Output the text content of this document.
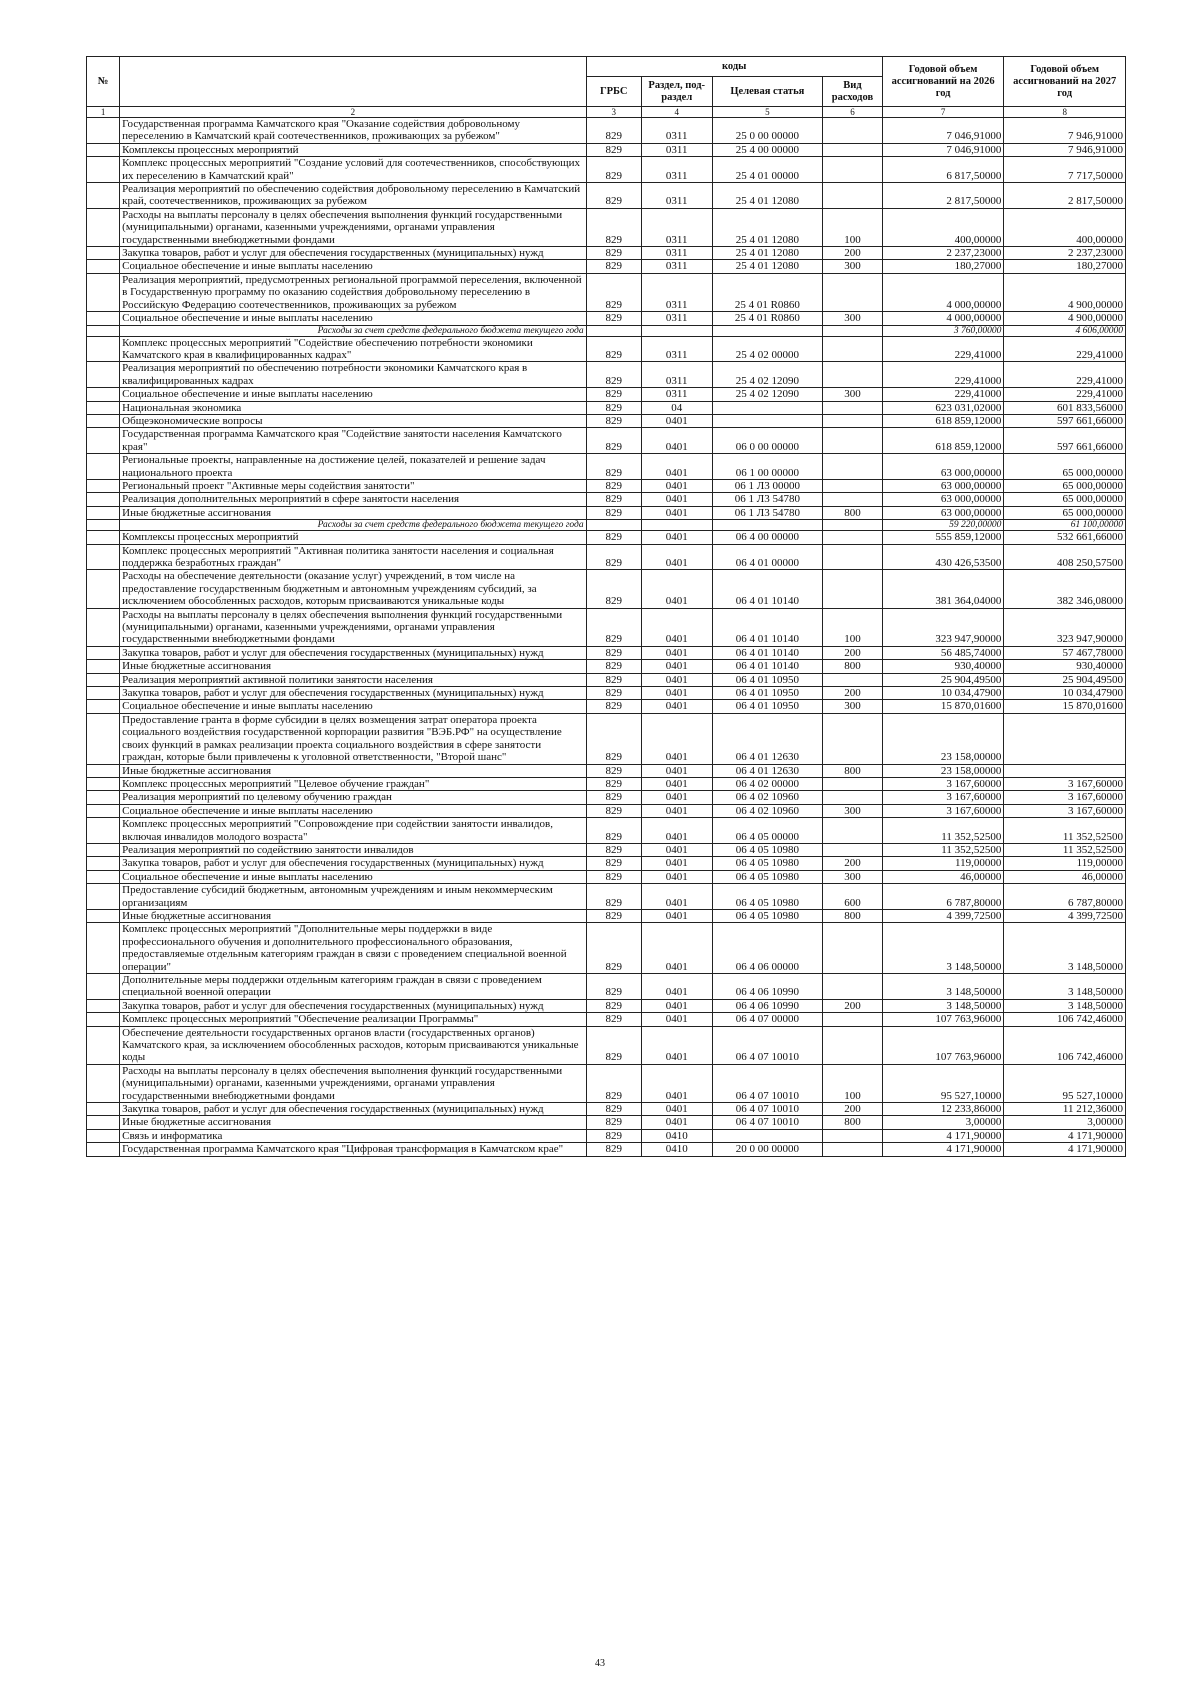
№		коды				Годовой объем ассигнований на 2026 год	Годовой объем ассигнований на 2027 год
		ГРБС	Раздел, под-раздел	Целевая статья	Вид расходов		
1	2	3	4	5	6	7	8
	Государственная программа Камчатского края "Оказание содействия добровольному переселению в Камчатский край соотечественников, проживающих за рубежом"	829	0311	25 0 00 00000		7 046,91000	7 946,91000
	Комплексы процессных мероприятий	829	0311	25 4 00 00000		7 046,91000	7 946,91000
	Комплекс процессных мероприятий "Создание условий для соотечественников, способствующих их переселению в Камчатский край"	829	0311	25 4 01 00000		6 817,50000	7 717,50000
	Реализация мероприятий по обеспечению содействия добровольному переселению в Камчатский край, соотечественников, проживающих за рубежом	829	0311	25 4 01 12080		2 817,50000	2 817,50000
	Расходы на выплаты персоналу в целях обеспечения выполнения функций государственными (муниципальными) органами, казенными учреждениями, органами управления государственными внебюджетными фондами	829	0311	25 4 01 12080	100	400,00000	400,00000
	Закупка товаров, работ и услуг для обеспечения государственных (муниципальных) нужд	829	0311	25 4 01 12080	200	2 237,23000	2 237,23000
	Социальное обеспечение и иные выплаты населению	829	0311	25 4 01 12080	300	180,27000	180,27000
	Реализация мероприятий, предусмотренных региональной программой переселения, включенной в Государственную программу по оказанию содействия добровольному переселению в Российскую Федерацию соотечественников, проживающих за рубежом	829	0311	25 4 01 R0860		4 000,00000	4 900,00000
	Социальное обеспечение и иные выплаты населению	829	0311	25 4 01 R0860	300	4 000,00000	4 900,00000
	Расходы за счет средств федерального бюджета текущего года					3 760,00000	4 606,00000
	Комплекс процессных мероприятий "Содействие обеспечению потребности экономики Камчатского края в квалифицированных кадрах"	829	0311	25 4 02 00000		229,41000	229,41000
	Реализация мероприятий по обеспечению потребности экономики Камчатского края в квалифицированных кадрах	829	0311	25 4 02 12090		229,41000	229,41000
	Социальное обеспечение и иные выплаты населению	829	0311	25 4 02 12090	300	229,41000	229,41000
	Национальная экономика	829	04			623 031,02000	601 833,56000
	Общеэкономические вопросы	829	0401			618 859,12000	597 661,66000
	Государственная программа Камчатского края "Содействие занятости населения Камчатского края"	829	0401	06 0 00 00000		618 859,12000	597 661,66000
	Региональные проекты, направленные на достижение целей, показателей и решение задач национального проекта	829	0401	06 1 00 00000		63 000,00000	65 000,00000
	Региональный проект "Активные меры содействия занятости"	829	0401	06 1 Л3 00000		63 000,00000	65 000,00000
	Реализация дополнительных мероприятий в сфере занятости населения	829	0401	06 1 Л3 54780		63 000,00000	65 000,00000
	Иные бюджетные ассигнования	829	0401	06 1 Л3 54780	800	63 000,00000	65 000,00000
	Расходы за счет средств федерального бюджета текущего года					59 220,00000	61 100,00000
	Комплексы процессных мероприятий	829	0401	06 4 00 00000		555 859,12000	532 661,66000
	Комплекс процессных мероприятий "Активная политика занятости населения и социальная поддержка безработных граждан"	829	0401	06 4 01 00000		430 426,53500	408 250,57500
	Расходы на обеспечение деятельности (оказание услуг) учреждений, в том числе на предоставление государственным бюджетным и автономным учреждениям субсидий, за исключением обособленных расходов, которым присваиваются уникальные коды	829	0401	06 4 01 10140		381 364,04000	382 346,08000
	Расходы на выплаты персоналу в целях обеспечения выполнения функций государственными (муниципальными) органами, казенными учреждениями, органами управления государственными внебюджетными фондами	829	0401	06 4 01 10140	100	323 947,90000	323 947,90000
	Закупка товаров, работ и услуг для обеспечения государственных (муниципальных) нужд	829	0401	06 4 01 10140	200	56 485,74000	57 467,78000
	Иные бюджетные ассигнования	829	0401	06 4 01 10140	800	930,40000	930,40000
	Реализация мероприятий активной политики занятости населения	829	0401	06 4 01 10950		25 904,49500	25 904,49500
	Закупка товаров, работ и услуг для обеспечения государственных (муниципальных) нужд	829	0401	06 4 01 10950	200	10 034,47900	10 034,47900
	Социальное обеспечение и иные выплаты населению	829	0401	06 4 01 10950	300	15 870,01600	15 870,01600
	Предоставление гранта в форме субсидии в целях возмещения затрат оператора проекта социального воздействия государственной корпорации развития "ВЭБ.РФ" на осуществление своих функций в рамках реализации проекта социального воздействия в сфере занятости граждан, которые были привлечены к уголовной ответственности, "Второй шанс"	829	0401	06 4 01 12630		23 158,00000	
	Иные бюджетные ассигнования	829	0401	06 4 01 12630	800	23 158,00000	
	Комплекс процессных мероприятий "Целевое обучение граждан"	829	0401	06 4 02 00000		3 167,60000	3 167,60000
	Реализация мероприятий по целевому обучению граждан	829	0401	06 4 02 10960		3 167,60000	3 167,60000
	Социальное обеспечение и иные выплаты населению	829	0401	06 4 02 10960	300	3 167,60000	3 167,60000
	Комплекс процессных мероприятий "Сопровождение при содействии занятости инвалидов, включая инвалидов молодого возраста"	829	0401	06 4 05 00000		11 352,52500	11 352,52500
	Реализация мероприятий по содействию занятости инвалидов	829	0401	06 4 05 10980		11 352,52500	11 352,52500
	Закупка товаров, работ и услуг для обеспечения государственных (муниципальных) нужд	829	0401	06 4 05 10980	200	119,00000	119,00000
	Социальное обеспечение и иные выплаты населению	829	0401	06 4 05 10980	300	46,00000	46,00000
	Предоставление субсидий бюджетным, автономным учреждениям и иным некоммерческим организациям	829	0401	06 4 05 10980	600	6 787,80000	6 787,80000
	Иные бюджетные ассигнования	829	0401	06 4 05 10980	800	4 399,72500	4 399,72500
	Комплекс процессных мероприятий "Дополнительные меры поддержки в виде профессионального обучения и дополнительного профессионального образования, предоставляемые отдельным категориям граждан в связи с проведением специальной военной операции"	829	0401	06 4 06 00000		3 148,50000	3 148,50000
	Дополнительные меры поддержки отдельным категориям граждан в связи с проведением специальной военной операции	829	0401	06 4 06 10990		3 148,50000	3 148,50000
	Закупка товаров, работ и услуг для обеспечения государственных (муниципальных) нужд	829	0401	06 4 06 10990	200	3 148,50000	3 148,50000
	Комплекс процессных мероприятий "Обеспечение реализации Программы"	829	0401	06 4 07 00000		107 763,96000	106 742,46000
	Обеспечение деятельности государственных органов власти (государственных органов) Камчатского края, за исключением обособленных расходов, которым присваиваются уникальные коды	829	0401	06 4 07 10010		107 763,96000	106 742,46000
	Расходы на выплаты персоналу в целях обеспечения выполнения функций государственными (муниципальными) органами, казенными учреждениями, органами управления государственными внебюджетными фондами	829	0401	06 4 07 10010	100	95 527,10000	95 527,10000
	Закупка товаров, работ и услуг для обеспечения государственных (муниципальных) нужд	829	0401	06 4 07 10010	200	12 233,86000	11 212,36000
	Иные бюджетные ассигнования	829	0401	06 4 07 10010	800	3,00000	3,00000
	Связь и информатика	829	0410			4 171,90000	4 171,90000
	Государственная программа Камчатского края "Цифровая трансформация в Камчатском крае"	829	0410	20 0 00 00000		4 171,90000	4 171,90000
43
